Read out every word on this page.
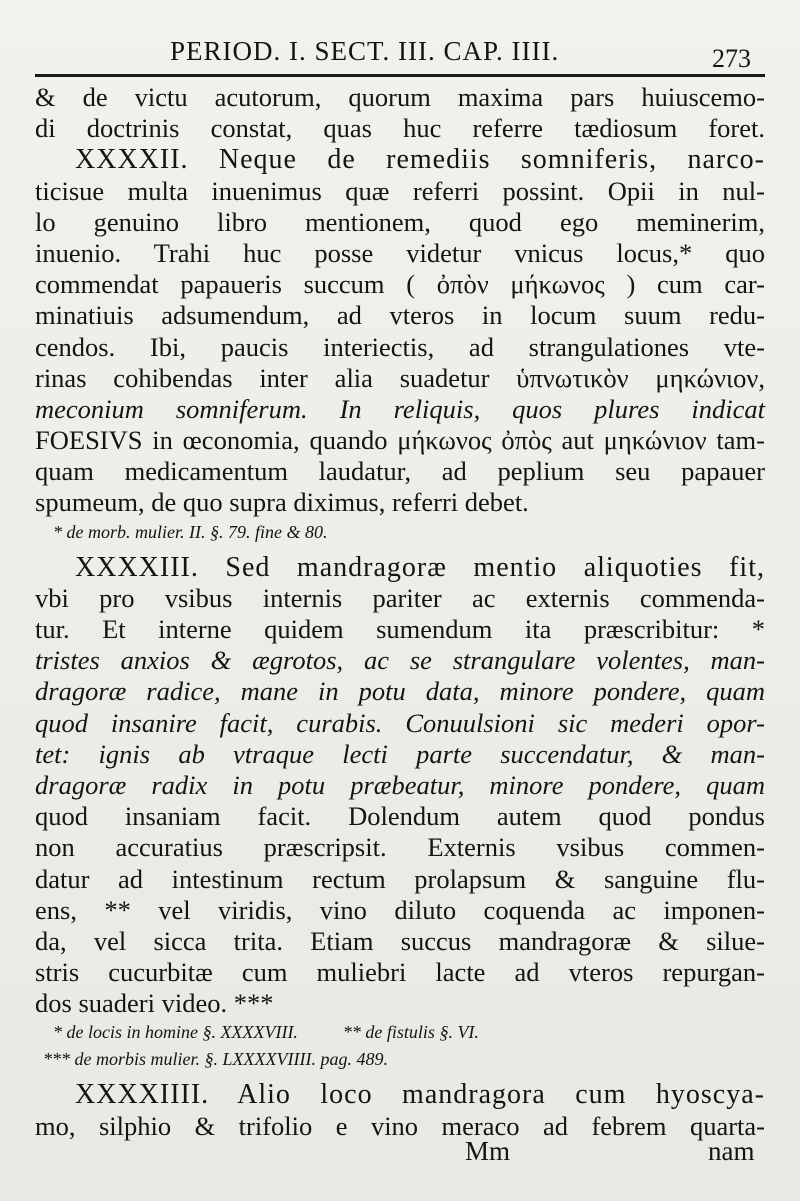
PERIOD. I. SECT. III. CAP. IIII.	273
& de victu acutorum, quorum maxima pars huiuscemo-
di doctrinis constat, quas huc referre tædiosum foret.
XXXXII. Neque de remediis somniferis, narco-
ticisue multa inuenimus quæ referri possint. Opii in nul-
lo genuino libro mentionem, quod ego meminerim,
inuenio. Trahi huc posse videtur vnicus locus,* quo
commendat papaueris succum ( ὀπὸν μήκωνος ) cum car-
minatiuis adsumendum, ad vteros in locum suum redu-
cendos. Ibi, paucis interiectis, ad strangulationes vte-
rinas cohibendas inter alia suadetur ὑπνωτικὸν μηκώνιον,
meconium somniferum. In reliquis, quos plures indicat
FOESIVS in œconomia, quando μήκωνος ὀπὸς aut μηκώνιον tam-
quam medicamentum laudatur, ad peplium seu papauer
spumeum, de quo supra diximus, referri debet.
* de morb. mulier. II. §. 79. fine & 80.
XXXXIII. Sed mandragoræ mentio aliquoties fit,
vbi pro vsibus internis pariter ac externis commenda-
tur. Et interne quidem sumendum ita præscribitur: *
tristes anxios & ægrotos, ac se strangulare volentes, man-
dragoræ radice, mane in potu data, minore pondere, quam
quod insanire facit, curabis. Conuulsioni sic mederi opor-
tet: ignis ab vtraque lecti parte succendatur, & man-
dragoræ radix in potu præbeatur, minore pondere, quam
quod insaniam facit. Dolendum autem quod pondus
non accuratius præscripsit. Externis vsibus commen-
datur ad intestinum rectum prolapsum & sanguine flu-
ens, ** vel viridis, vino diluto coquenda ac imponen-
da, vel sicca trita. Etiam succus mandragoræ & silue-
stris cucurbitæ cum muliebri lacte ad vteros repurgan-
dos suaderi video. ***
* de locis in homine §. XXXXVIII.          ** de fistulis §. VI.
*** de morbis mulier. §. LXXXXVIIII. pag. 489.
XXXXIIII. Alio loco mandragora cum hyoscya-
mo, silphio & trifolio e vino meraco ad febrem quarta-
Mm	nam
